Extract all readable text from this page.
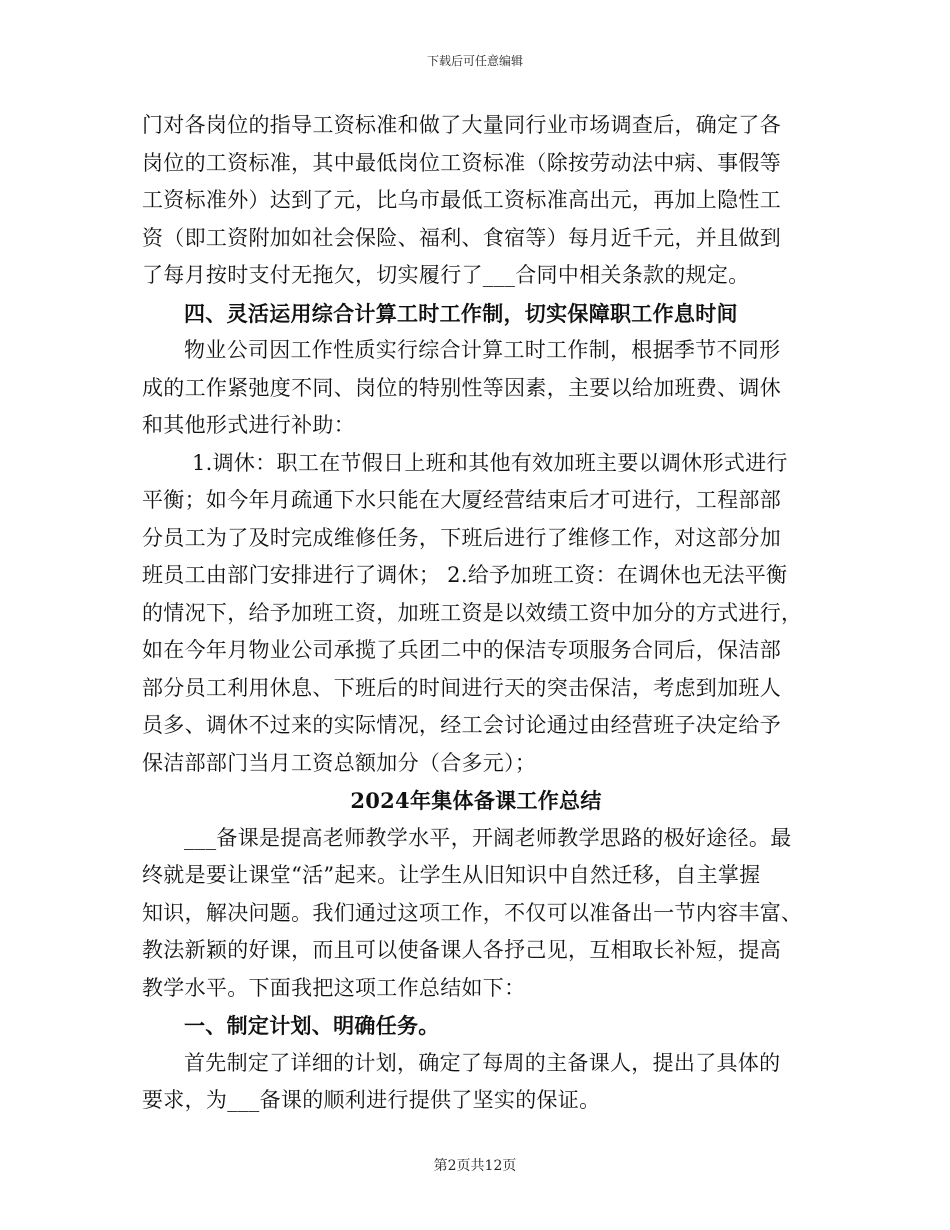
下载后可任意编辑
门对各岗位的指导工资标准和做了大量同行业市场调查后，确定了各
岗位的工资标准，其中最低岗位工资标准（除按劳动法中病、事假等
工资标准外）达到了元，比乌市最低工资标准高出元，再加上隐性工
资（即工资附加如社会保险、福利、食宿等）每月近千元，并且做到
了每月按时支付无拖欠，切实履行了___合同中相关条款的规定。
四、灵活运用综合计算工时工作制，切实保障职工作息时间
物业公司因工作性质实行综合计算工时工作制，根据季节不同形
成的工作紧弛度不同、岗位的特别性等因素，主要以给加班费、调休
和其他形式进行补助：
1.调休：职工在节假日上班和其他有效加班主要以调休形式进行
平衡；如今年月疏通下水只能在大厦经营结束后才可进行，工程部部
分员工为了及时完成维修任务，下班后进行了维修工作，对这部分加
班员工由部门安排进行了调休； 2.给予加班工资：在调休也无法平衡
的情况下，给予加班工资，加班工资是以效绩工资中加分的方式进行，
如在今年月物业公司承揽了兵团二中的保洁专项服务合同后，保洁部
部分员工利用休息、下班后的时间进行天的突击保洁，考虑到加班人
员多、调休不过来的实际情况，经工会讨论通过由经营班子决定给予
保洁部部门当月工资总额加分（合多元）；
2024年集体备课工作总结
___备课是提高老师教学水平，开阔老师教学思路的极好途径。最
终就是要让课堂“活”起来。让学生从旧知识中自然迁移，自主掌握
知识，解决问题。我们通过这项工作，不仅可以准备出一节内容丰富、
教法新颖的好课，而且可以使备课人各抒己见，互相取长补短，提高
教学水平。下面我把这项工作总结如下：
一、制定计划、明确任务。
首先制定了详细的计划，确定了每周的主备课人，提出了具体的
要求，为___备课的顺利进行提供了坚实的保证。
第2页共12页
